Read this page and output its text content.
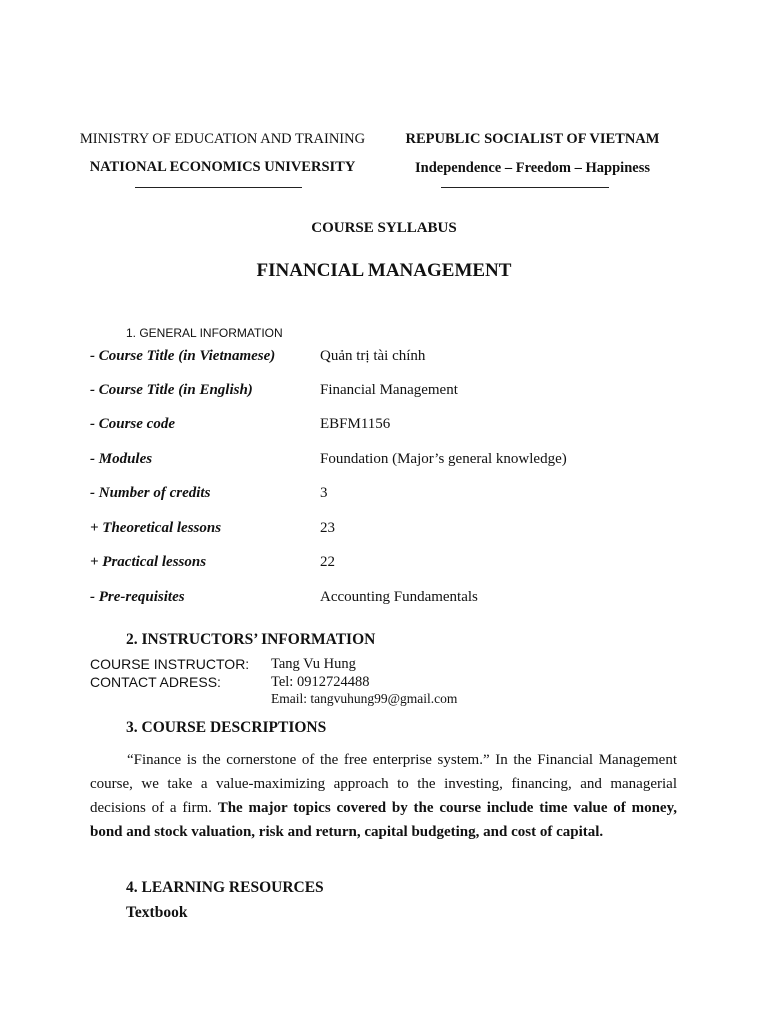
MINISTRY OF EDUCATION AND TRAINING
NATIONAL ECONOMICS UNIVERSITY
REPUBLIC SOCIALIST OF VIETNAM
Independence – Freedom – Happiness
COURSE SYLLABUS
FINANCIAL MANAGEMENT
1. GENERAL INFORMATION
- Course Title (in Vietnamese)	Quản trị tài chính
- Course Title (in English)	Financial Management
- Course code	EBFM1156
- Modules	Foundation (Major’s general knowledge)
- Number of credits	3
+ Theoretical lessons	23
+ Practical lessons	22
- Pre-requisites	Accounting Fundamentals
2. INSTRUCTORS’ INFORMATION
COURSE INSTRUCTOR: Tang Vu Hung
CONTACT ADRESS:	Tel: 0912724488
Email: tangvuhung99@gmail.com
3. COURSE DESCRIPTIONS
“Finance is the cornerstone of the free enterprise system.” In the Financial Management course, we take a value-maximizing approach to the investing, financing, and managerial decisions of a firm. The major topics covered by the course include time value of money, bond and stock valuation, risk and return, capital budgeting, and cost of capital.
4. LEARNING RESOURCES
Textbook
